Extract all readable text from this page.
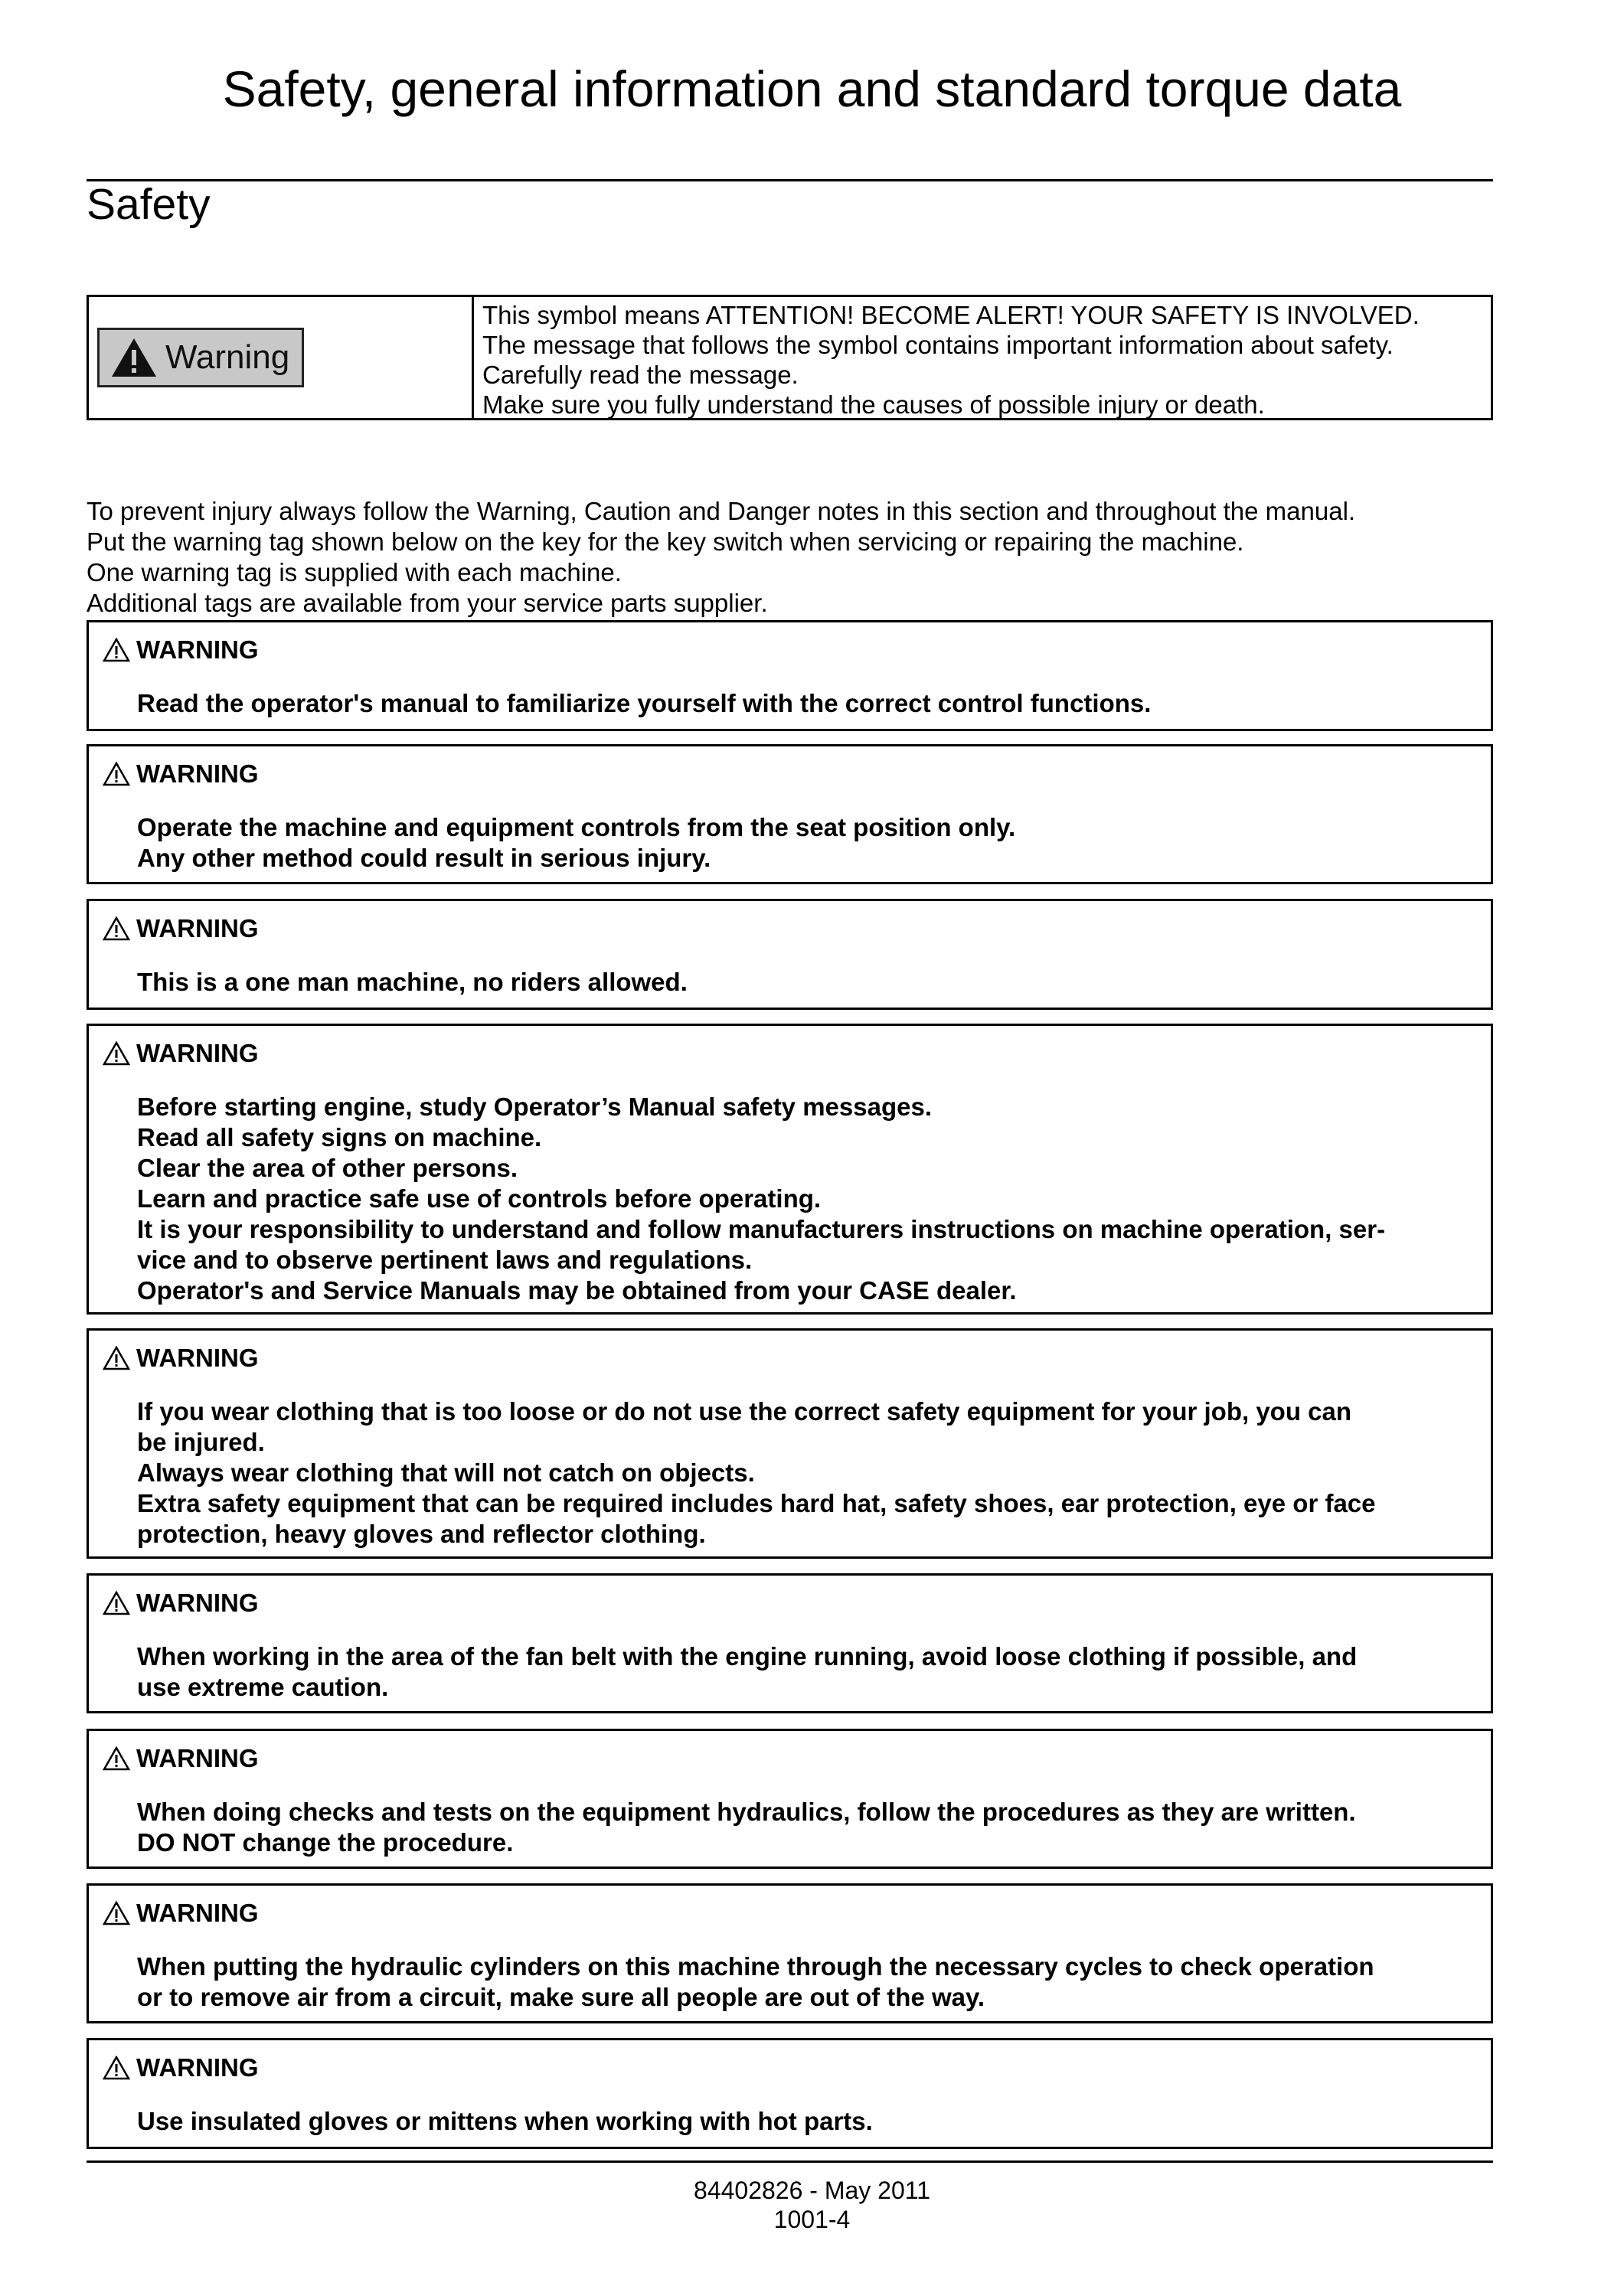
Safety, general information and standard torque data
Safety
Warning
This symbol means ATTENTION! BECOME ALERT! YOUR SAFETY IS INVOLVED.
The message that follows the symbol contains important information about safety.
Carefully read the message.
Make sure you fully understand the causes of possible injury or death.
To prevent injury always follow the Warning, Caution and Danger notes in this section and throughout the manual.
Put the warning tag shown below on the key for the key switch when servicing or repairing the machine.
One warning tag is supplied with each machine.
Additional tags are available from your service parts supplier.
WARNING
Read the operator's manual to familiarize yourself with the correct control functions.
WARNING
Operate the machine and equipment controls from the seat position only.
Any other method could result in serious injury.
WARNING
This is a one man machine, no riders allowed.
WARNING
Before starting engine, study Operator’s Manual safety messages.
Read all safety signs on machine.
Clear the area of other persons.
Learn and practice safe use of controls before operating.
It is your responsibility to understand and follow manufacturers instructions on machine operation, ser-
vice and to observe pertinent laws and regulations.
Operator's and Service Manuals may be obtained from your CASE dealer.
WARNING
If you wear clothing that is too loose or do not use the correct safety equipment for your job, you can
be injured.
Always wear clothing that will not catch on objects.
Extra safety equipment that can be required includes hard hat, safety shoes, ear protection, eye or face
protection, heavy gloves and reflector clothing.
WARNING
When working in the area of the fan belt with the engine running, avoid loose clothing if possible, and
use extreme caution.
WARNING
When doing checks and tests on the equipment hydraulics, follow the procedures as they are written.
DO NOT change the procedure.
WARNING
When putting the hydraulic cylinders on this machine through the necessary cycles to check operation
or to remove air from a circuit, make sure all people are out of the way.
WARNING
Use insulated gloves or mittens when working with hot parts.
84402826 - May 2011
1001-4
